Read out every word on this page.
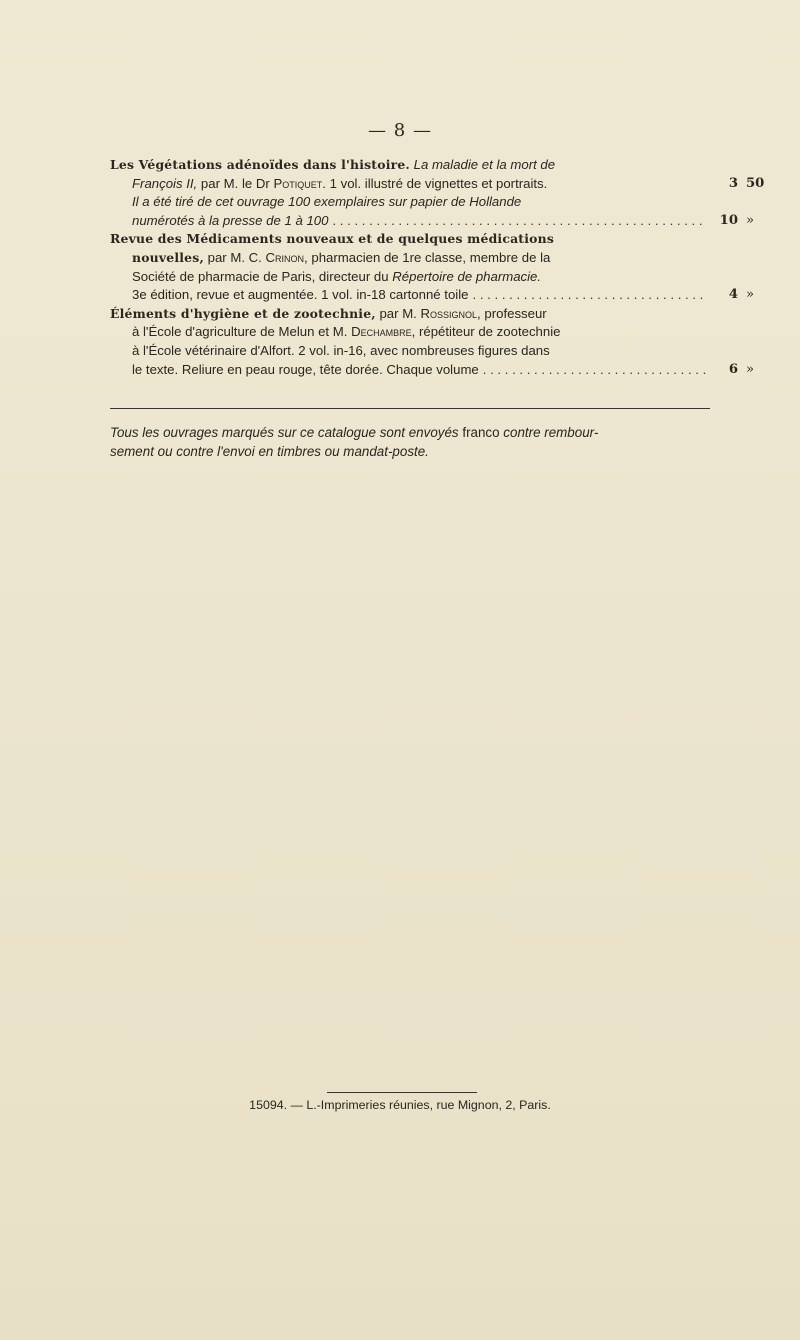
— 8 —
Les Végétations adénoïdes dans l'histoire.
La maladie et la mort de
François II,
par M. le Dr
Potiquet.
1 vol. illustré de vignettes et portraits.	3 50
Il a été tiré de cet ouvrage 100 exemplaires sur papier de Hollande
numérotés à la presse de 1 à 100 . . .	10 »
Revue des Médicaments nouveaux et de quelques médications
nouvelles,
par M. C.
Crinon,
pharmacien de 1re classe, membre de la
Société de pharmacie de Paris, directeur du
Répertoire de pharmacie.
3e édition, revue et augmentée. 1 vol. in-18 cartonné toile . . .	4 »
Éléments d'hygiène et de zootechnie,
par M.
Rossignol,
professeur
à l'École d'agriculture de Melun et M.
Dechambre,
répétiteur de zootechnie
à l'École vétérinaire d'Alfort. 2 vol. in-16, avec nombreuses figures dans
le texte. Reliure en peau rouge, tête dorée. Chaque volume . . .	6 »
Tous les ouvrages marqués sur ce catalogue sont envoyés franco contre rembour-
sement ou contre l'envoi en timbres ou mandat-poste.
15094. — L.-Imprimeries réunies, rue Mignon, 2, Paris.
